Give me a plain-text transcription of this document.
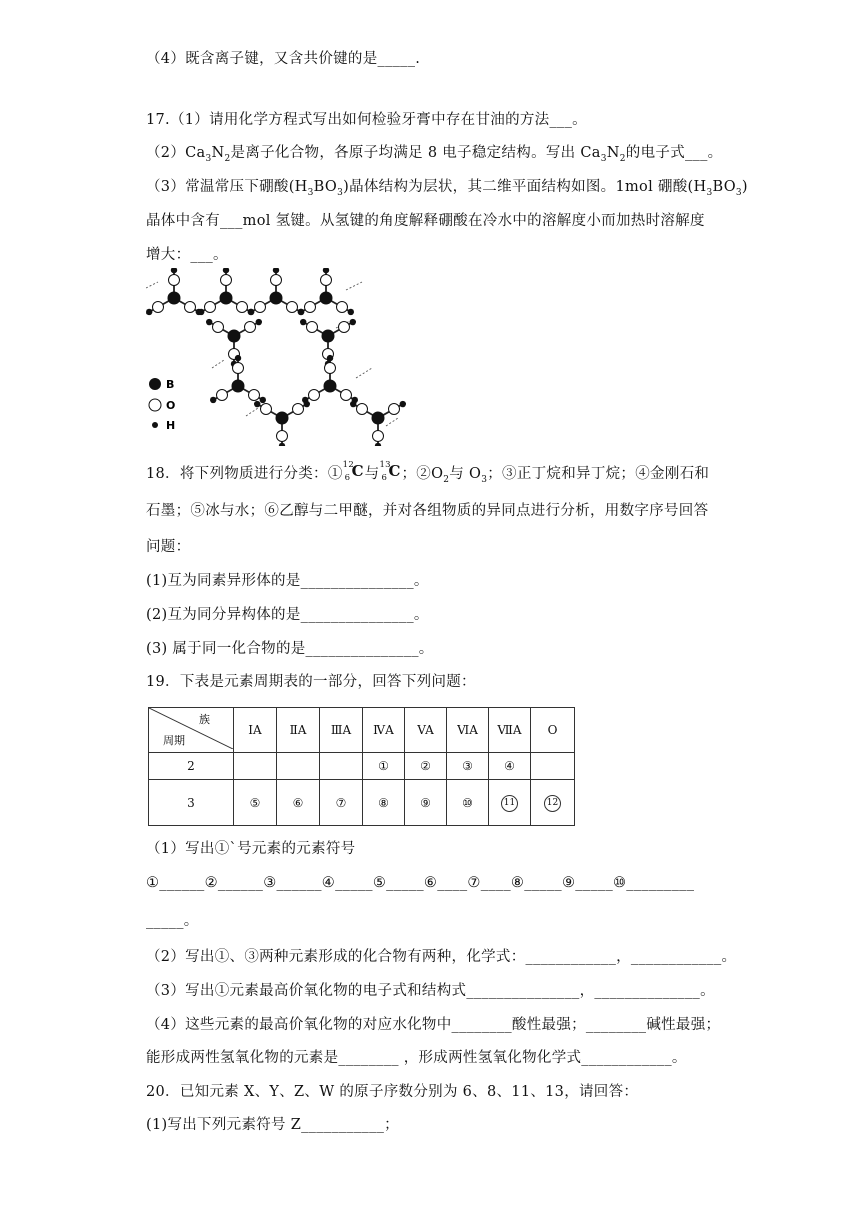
（4）既含离子键，又含共价键的是_____.
17.（1）请用化学方程式写出如何检验牙膏中存在甘油的方法___。
$(2)Ca_3N_2$是离子化合物，各原子均满足 8 电子稳定结构。写出 $Ca_3N_2$的电子式___。
（3）常温常压下硼酸$(H_3BO_3)$晶体结构为层状，其二维平面结构如图。1mol 硼酸$(H_3BO_3)$
晶体中含有___mol 氢键。从氢键的角度解释硼酸在冷水中的溶解度小而加热时溶解度
增大：___。
B
O
H
18．将下列物质进行分类：①
12
6 C 与
13
6 C ；$②O_2$与 $O_3$；③正丁烷和异丁烷；④金刚石和
石墨；⑤冰与水；⑥乙醇与二甲醚，并对各组物质的异同点进行分析，用数字序号回答
问题：
(1)互为同素异形体的是_______________。
(2)互为同分异构体的是_______________。
(3) 属于同一化合物的是_______________。
19．下表是元素周期表的一部分，回答下列问题：
族
周期	IA	ⅡA	ⅢA	ⅣA	VA	ⅥA	ⅦA	O
2				①	②	③	④	
3	⑤	⑥	⑦	⑧	⑨	⑩	11	12
（1）写出①`号元素的元素符号
①______②______③______④_____⑤_____⑥____⑦____⑧_____⑨_____⑩_________
_____。
（2）写出①、③两种元素形成的化合物有两种，化学式：____________，____________。
（3）写出①元素最高价氧化物的电子式和结构式_______________，______________。
（4）这些元素的最高价氧化物的对应水化物中________酸性最强；________碱性最强；
能形成两性氢氧化物的元素是________ ，形成两性氢氧化物化学式____________。
20．已知元素 X、Y、Z、W 的原子序数分别为 6、8、11、13，请回答：
(1)写出下列元素符号 Z___________；
